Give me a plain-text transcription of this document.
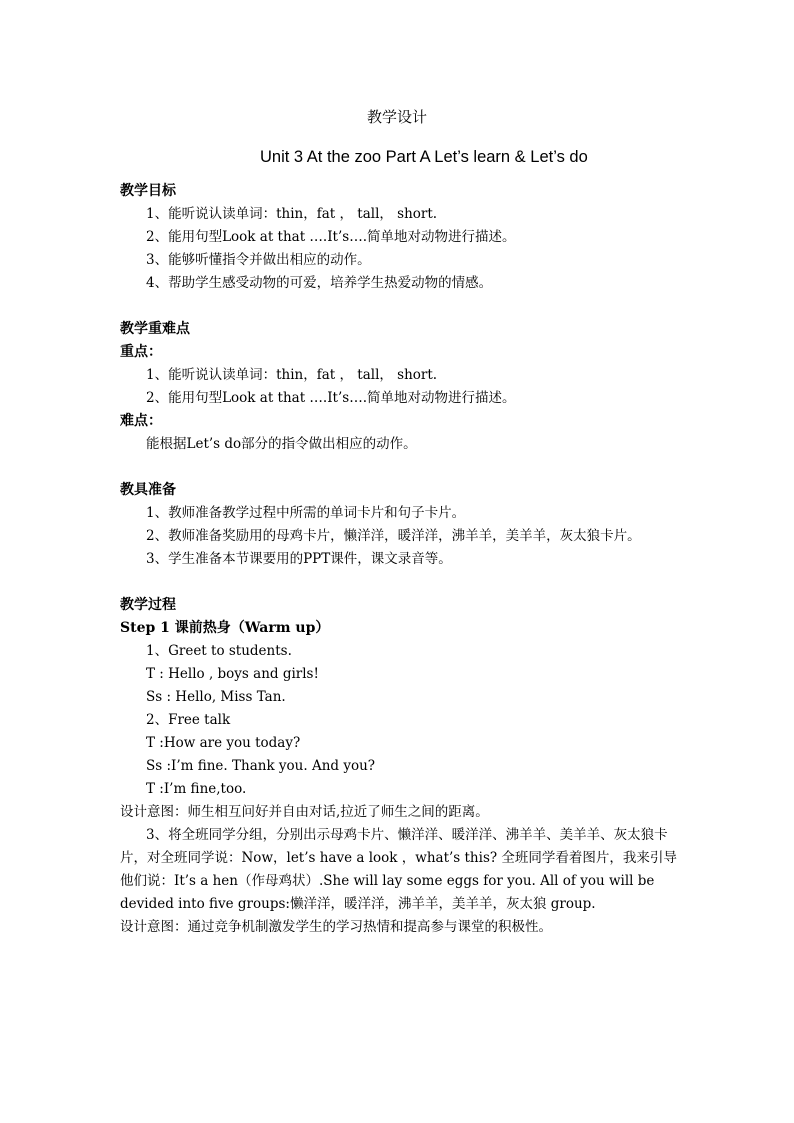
教学设计
Unit 3 At the zoo Part A Let’s learn & Let’s do
教学目标
1、能听说认读单词：thin，fat ， tall， short.
2、能用句型Look at that ….It’s….简单地对动物进行描述。
3、能够听懂指令并做出相应的动作。
4、帮助学生感受动物的可爱，培养学生热爱动物的情感。
教学重难点
重点：
1、能听说认读单词：thin，fat ， tall， short.
2、能用句型Look at that ….It’s….简单地对动物进行描述。
难点：
能根据Let’s do部分的指令做出相应的动作。
教具准备
1、教师准备教学过程中所需的单词卡片和句子卡片。
2、教师准备奖励用的母鸡卡片，懒洋洋，暖洋洋，沸羊羊，美羊羊，灰太狼卡片。
3、学生准备本节课要用的PPT课件，课文录音等。
教学过程
Step 1 课前热身（Warm up）
1、Greet to students.
T : Hello , boys and girls!
Ss : Hello, Miss Tan.
2、Free talk
T :How are you today?
Ss :I’m fine. Thank you. And you?
T :I’m fine,too.
设计意图：师生相互问好并自由对话,拉近了师生之间的距离。
3、将全班同学分组，分别出示母鸡卡片、懒洋洋、暖洋洋、沸羊羊、美羊羊、灰太狼卡片，对全班同学说：Now，let’s have a look ，what’s this? 全班同学看着图片，我来引导他们说：It’s a hen（作母鸡状）.She will lay some eggs for you. All of you will be devided into five groups:懒洋洋，暖洋洋，沸羊羊，美羊羊，灰太狼 group.
设计意图：通过竞争机制激发学生的学习热情和提高参与课堂的积极性。
